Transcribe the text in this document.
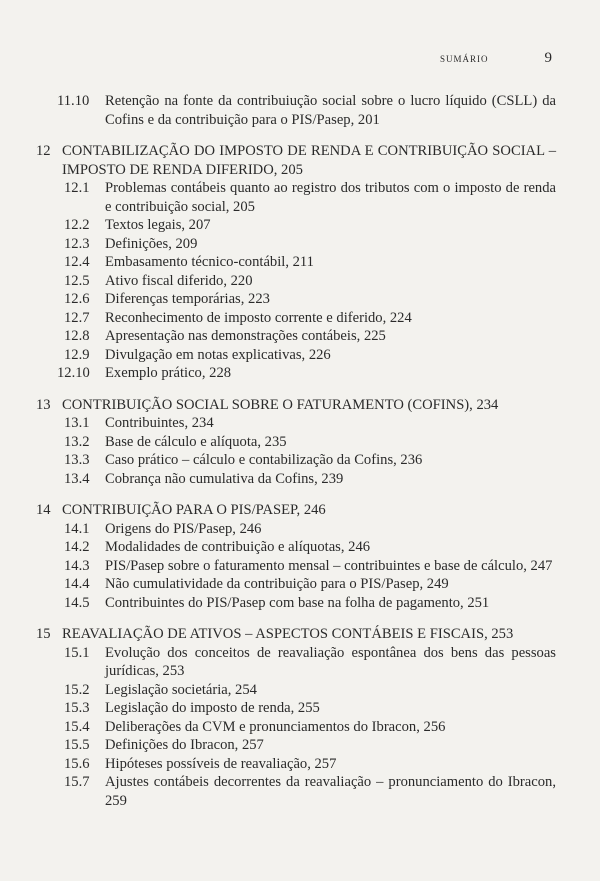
SUMÁRIO	9
11.10 Retenção na fonte da contribuiução social sobre o lucro líquido (CSLL) da Cofins e da contribuição para o PIS/Pasep, 201
12 CONTABILIZAÇÃO DO IMPOSTO DE RENDA E CONTRIBUIÇÃO SOCIAL – IMPOSTO DE RENDA DIFERIDO, 205
12.1 Problemas contábeis quanto ao registro dos tributos com o imposto de renda e contribuição social, 205
12.2 Textos legais, 207
12.3 Definições, 209
12.4 Embasamento técnico-contábil, 211
12.5 Ativo fiscal diferido, 220
12.6 Diferenças temporárias, 223
12.7 Reconhecimento de imposto corrente e diferido, 224
12.8 Apresentação nas demonstrações contábeis, 225
12.9 Divulgação em notas explicativas, 226
12.10 Exemplo prático, 228
13 CONTRIBUIÇÃO SOCIAL SOBRE O FATURAMENTO (COFINS), 234
13.1 Contribuintes, 234
13.2 Base de cálculo e alíquota, 235
13.3 Caso prático – cálculo e contabilização da Cofins, 236
13.4 Cobrança não cumulativa da Cofins, 239
14 CONTRIBUIÇÃO PARA O PIS/PASEP, 246
14.1 Origens do PIS/Pasep, 246
14.2 Modalidades de contribuição e alíquotas, 246
14.3 PIS/Pasep sobre o faturamento mensal – contribuintes e base de cálculo, 247
14.4 Não cumulatividade da contribuição para o PIS/Pasep, 249
14.5 Contribuintes do PIS/Pasep com base na folha de pagamento, 251
15 REAVALIAÇÃO DE ATIVOS – ASPECTOS CONTÁBEIS E FISCAIS, 253
15.1 Evolução dos conceitos de reavaliação espontânea dos bens das pessoas jurídicas, 253
15.2 Legislação societária, 254
15.3 Legislação do imposto de renda, 255
15.4 Deliberações da CVM e pronunciamentos do Ibracon, 256
15.5 Definições do Ibracon, 257
15.6 Hipóteses possíveis de reavaliação, 257
15.7 Ajustes contábeis decorrentes da reavaliação – pronunciamento do Ibracon, 259
